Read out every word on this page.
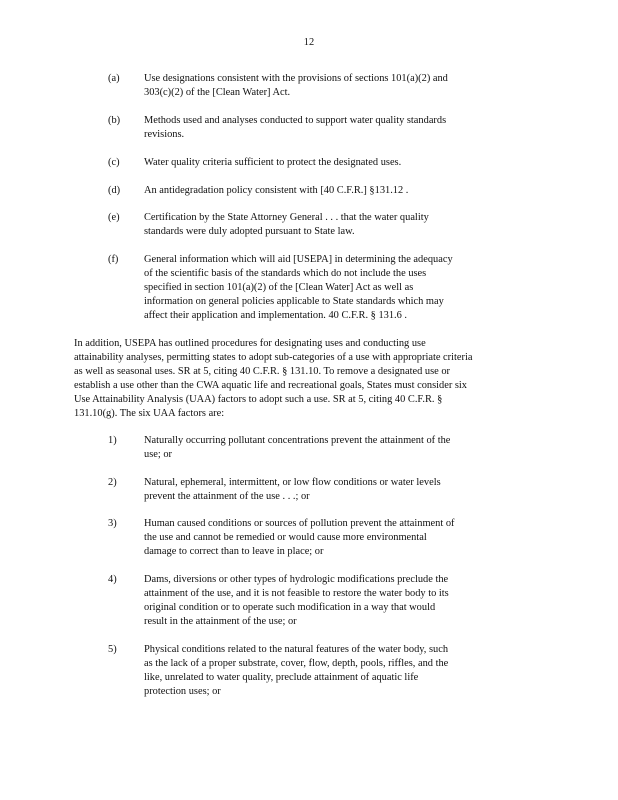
12
(a)	Use designations consistent with the provisions of sections 101(a)(2) and
303(c)(2) of the [Clean Water] Act.
(b)	Methods used and analyses conducted to support water quality standards
revisions.
(c)	Water quality criteria sufficient to protect the designated uses.
(d)	An antidegradation policy consistent with [40 C.F.R.] §131.12 .
(e)	Certification by the State Attorney General . . . that the water quality
standards were duly adopted pursuant to State law.
(f)	General information which will aid [USEPA] in determining the adequacy
of the scientific basis of the standards which do not include the uses
specified in section 101(a)(2) of the [Clean Water] Act as well as
information on general policies applicable to State standards which may
affect their application and implementation. 40 C.F.R. § 131.6 .
In addition, USEPA has outlined procedures for designating uses and conducting use
attainability analyses, permitting states to adopt sub-categories of a use with appropriate criteria
as well as seasonal uses. SR at 5, citing 40 C.F.R. § 131.10. To remove a designated use or
establish a use other than the CWA aquatic life and recreational goals, States must consider six
Use Attainability Analysis (UAA) factors to adopt such a use. SR at 5, citing 40 C.F.R. §
131.10(g). The six UAA factors are:
1)	Naturally occurring pollutant concentrations prevent the attainment of the
use; or
2)	Natural, ephemeral, intermittent, or low flow conditions or water levels
prevent the attainment of the use . . .; or
3)	Human caused conditions or sources of pollution prevent the attainment of
the use and cannot be remedied or would cause more environmental
damage to correct than to leave in place; or
4)	Dams, diversions or other types of hydrologic modifications preclude the
attainment of the use, and it is not feasible to restore the water body to its
original condition or to operate such modification in a way that would
result in the attainment of the use; or
5)	Physical conditions related to the natural features of the water body, such
as the lack of a proper substrate, cover, flow, depth, pools, riffles, and the
like, unrelated to water quality, preclude attainment of aquatic life
protection uses; or
